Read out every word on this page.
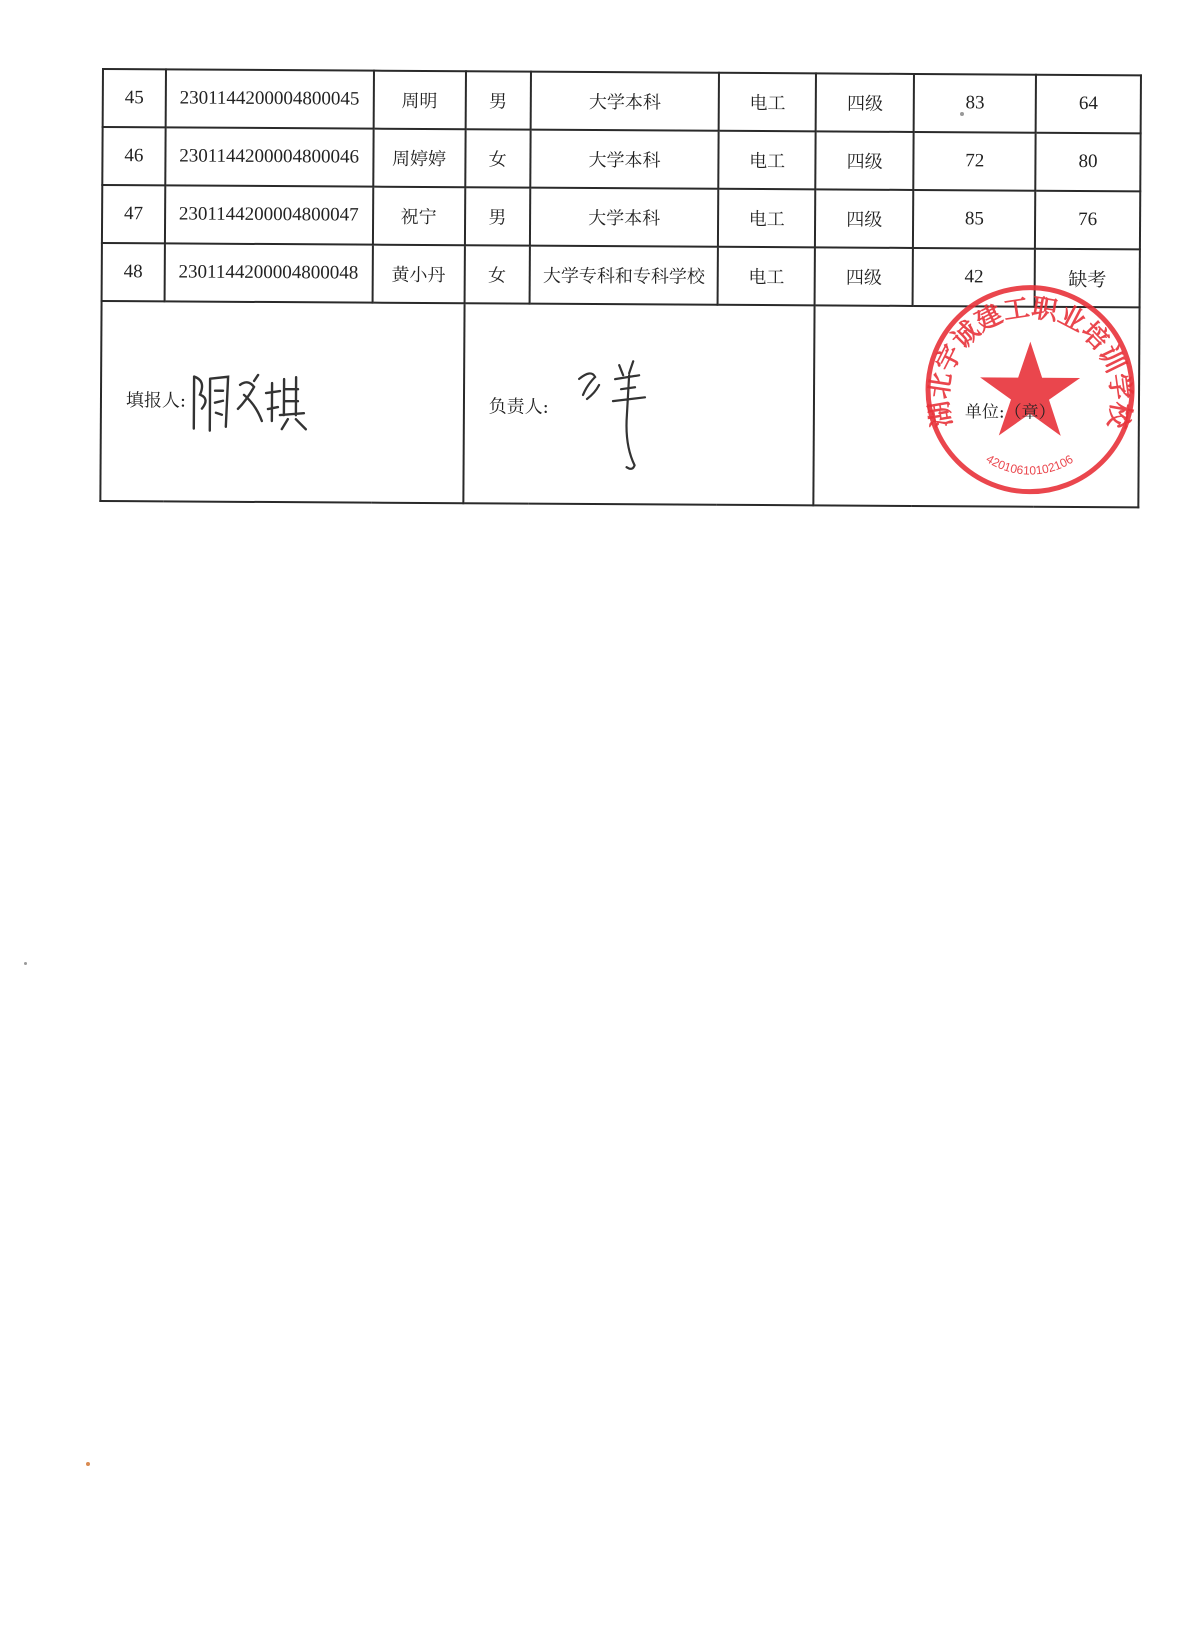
45	230114420000480004​5	周明	男	大学本科	电工	四级	83	64
46	230114420000480004​6	周婷婷	女	大学本科	电工	四级	72	80
47	230114420000480004​7	祝宁	男	大学本科	电工	四级	85	76
48	230114420000480004​8	黄小丹	女	大学专科和专科学校	电工	四级	42	缺考

填报人:			负责人:			湖北宇诚建工职业培训学校
42010610102106
单位:（章）		
